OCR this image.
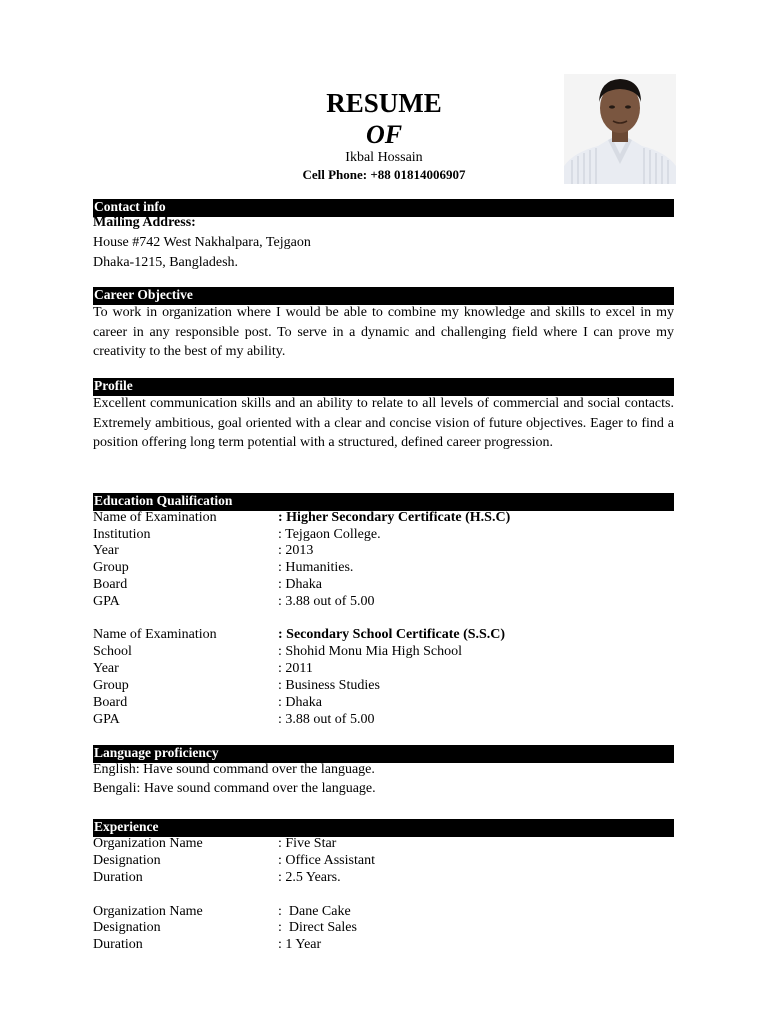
RESUME
OF
Ikbal Hossain
Cell Phone: +88 01814006907
Contact info
Mailing Address:
House #742 West Nakhalpara, Tejgaon
Dhaka-1215, Bangladesh.
Career Objective
To work in organization where I would be able to combine my knowledge and skills to excel in my career in any responsible post. To serve in a dynamic and challenging field where I can prove my creativity to the best of my ability.
Profile
Excellent communication skills and an ability to relate to all levels of commercial and social contacts. Extremely ambitious, goal oriented with a clear and concise vision of future objectives. Eager to find a position offering long term potential with a structured, defined career progression.
Education Qualification
Name of Examination	: Higher Secondary Certificate (H.S.C)
Institution	: Tejgaon College.
Year	: 2013
Group	: Humanities.
Board	: Dhaka
GPA	: 3.88 out of 5.00
Name of Examination	: Secondary School Certificate (S.S.C)
School	: Shohid Monu Mia High School
Year	: 2011
Group	: Business Studies
Board	: Dhaka
GPA	: 3.88 out of 5.00
Language proficiency
English: Have sound command over the language.
Bengali: Have sound command over the language.
Experience
Organization Name	: Five Star
Designation	: Office Assistant
Duration	: 2.5 Years.
Organization Name	:  Dane Cake
Designation	:  Direct Sales
Duration	: 1 Year
